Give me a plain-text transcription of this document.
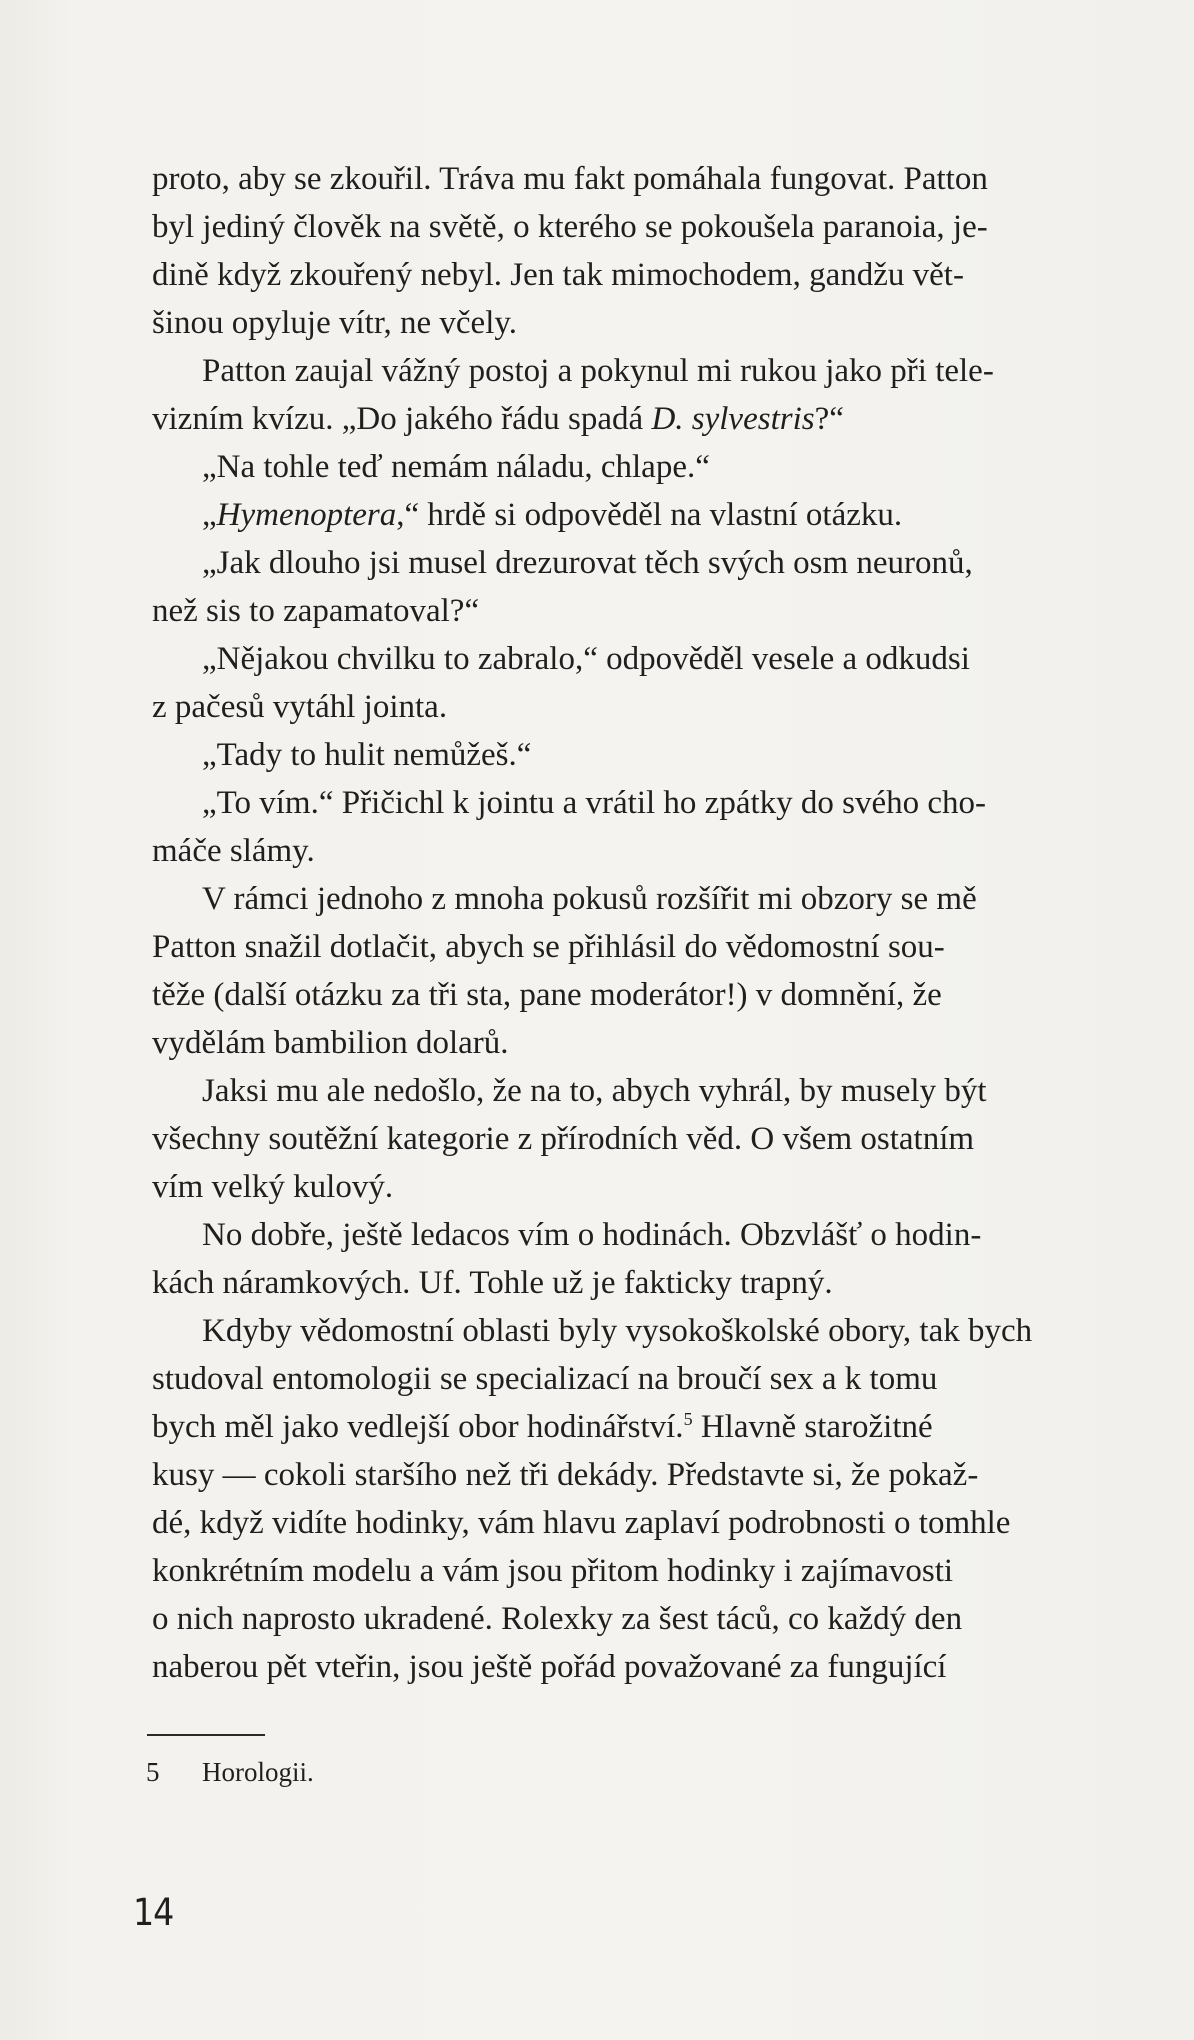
proto, aby se zkouřil. Tráva mu fakt pomáhala fungovat. Patton
byl jediný člověk na světě, o kterého se pokoušela paranoia, je-
dině když zkouřený nebyl. Jen tak mimochodem, gandžu vět-
šinou opyluje vítr, ne včely.

Patton zaujal vážný postoj a pokynul mi rukou jako při tele-
vizním kvízu. „Do jakého řádu spadá D. sylvestris?“

„Na tohle teď nemám náladu, chlape.“

„Hymenoptera,“ hrdě si odpověděl na vlastní otázku.

„Jak dlouho jsi musel drezurovat těch svých osm neuronů,
než sis to zapamatoval?“

„Nějakou chvilku to zabralo,“ odpověděl vesele a odkudsi
z pačesů vytáhl jointa.

„Tady to hulit nemůžeš.“

„To vím.“ Přičichl k jointu a vrátil ho zpátky do svého cho-
máče slámy.

V rámci jednoho z mnoha pokusů rozšířit mi obzory se mě
Patton snažil dotlačit, abych se přihlásil do vědomostní sou-
těže (další otázku za tři sta, pane moderátor!) v domnění, že
vydělám bambilion dolarů.

Jaksi mu ale nedošlo, že na to, abych vyhrál, by musely být
všechny soutěžní kategorie z přírodních věd. O všem ostatním
vím velký kulový.

No dobře, ještě ledacos vím o hodinách. Obzvlášť o hodin-
kách náramkových. Uf. Tohle už je fakticky trapný.

Kdyby vědomostní oblasti byly vysokoškolské obory, tak bych
studoval entomologii se specializací na broučí sex a k tomu
bych měl jako vedlejší obor hodinářství.$^5$ Hlavně starožitné
kusy — cokoli staršího než tři dekády. Představte si, že pokaž-
dé, když vidíte hodinky, vám hlavu zaplaví podrobnosti o tomhle
konkrétním modelu a vám jsou přitom hodinky i zajímavosti
o nich naprosto ukradené. Rolexky za šest táců, co každý den
naberou pět vteřin, jsou ještě pořád považované za fungující

5 Horologii.
14
